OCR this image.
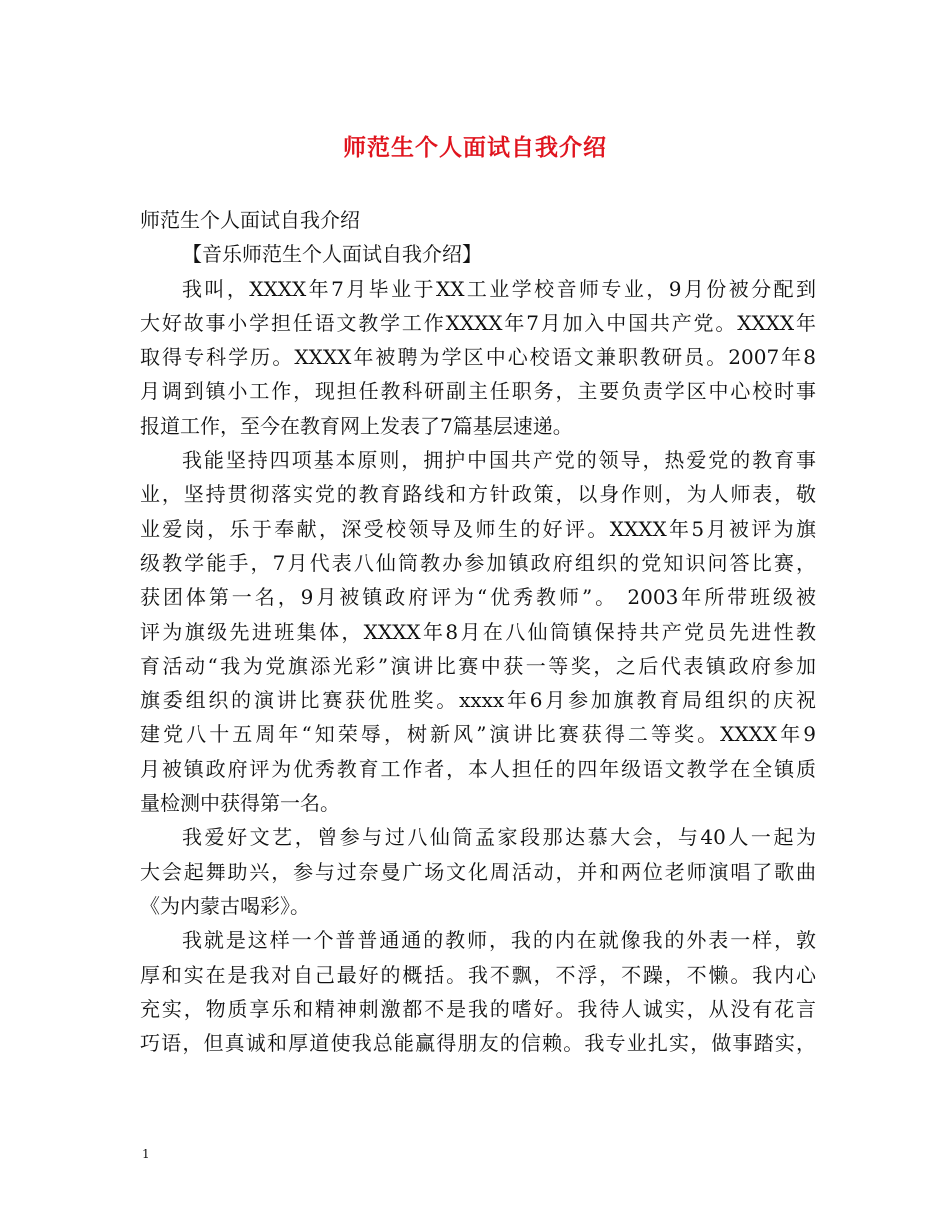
师范生个人面试自我介绍
师范生个人面试自我介绍
【音乐师范生个人面试自我介绍】
我叫，XXXX年7月毕业于XX工业学校音师专业，9月份被分配到
大好故事小学担任语文教学工作XXXX年7月加入中国共产党。XXXX年
取得专科学历。XXXX年被聘为学区中心校语文兼职教研员。2007年8
月调到镇小工作，现担任教科研副主任职务，主要负责学区中心校时事
报道工作，至今在教育网上发表了7篇基层速递。
我能坚持四项基本原则，拥护中国共产党的领导，热爱党的教育事
业，坚持贯彻落实党的教育路线和方针政策，以身作则，为人师表，敬
业爱岗，乐于奉献，深受校领导及师生的好评。XXXX年5月被评为旗
级教学能手，7月代表八仙筒教办参加镇政府组织的党知识问答比赛，
获团体第一名，9月被镇政府评为“优秀教师”。 2003年所带班级被
评为旗级先进班集体，XXXX年8月在八仙筒镇保持共产党员先进性教
育活动“我为党旗添光彩”演讲比赛中获一等奖，之后代表镇政府参加
旗委组织的演讲比赛获优胜奖。xxxx年6月参加旗教育局组织的庆祝
建党八十五周年“知荣辱，树新风”演讲比赛获得二等奖。XXXX年9
月被镇政府评为优秀教育工作者，本人担任的四年级语文教学在全镇质
量检测中获得第一名。
我爱好文艺，曾参与过八仙筒孟家段那达慕大会，与40人一起为
大会起舞助兴，参与过奈曼广场文化周活动，并和两位老师演唱了歌曲
《为内蒙古喝彩》。
我就是这样一个普普通通的教师，我的内在就像我的外表一样，敦
厚和实在是我对自己最好的概括。我不飘，不浮，不躁，不懒。我内心
充实，物质享乐和精神刺激都不是我的嗜好。我待人诚实，从没有花言
巧语，但真诚和厚道使我总能赢得朋友的信赖。我专业扎实，做事踏实，
1
